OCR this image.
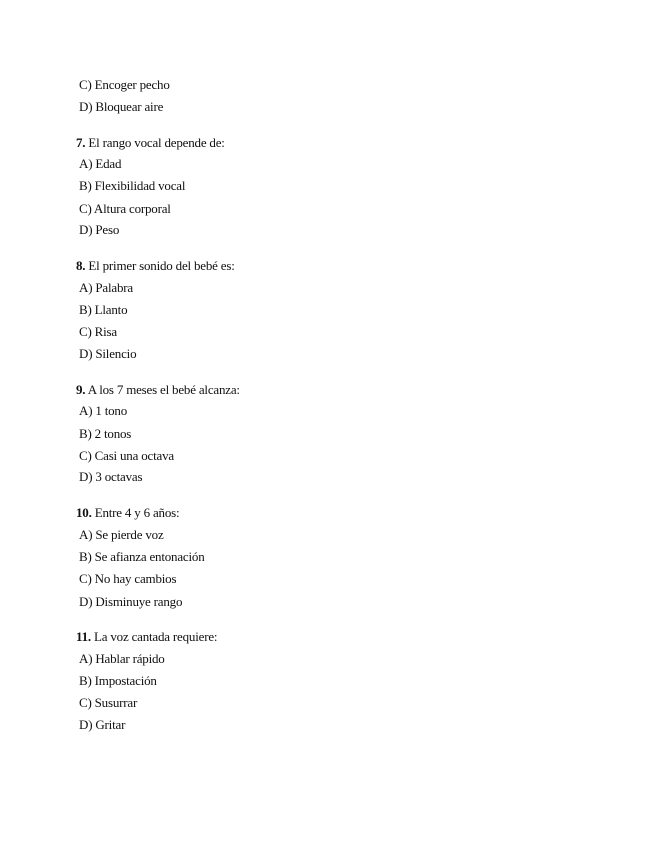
C) Encoger pecho
D) Bloquear aire
7. El rango vocal depende de:
A) Edad
B) Flexibilidad vocal
C) Altura corporal
D) Peso
8. El primer sonido del bebé es:
A) Palabra
B) Llanto
C) Risa
D) Silencio
9. A los 7 meses el bebé alcanza:
A) 1 tono
B) 2 tonos
C) Casi una octava
D) 3 octavas
10. Entre 4 y 6 años:
A) Se pierde voz
B) Se afianza entonación
C) No hay cambios
D) Disminuye rango
11. La voz cantada requiere:
A) Hablar rápido
B) Impostación
C) Susurrar
D) Gritar
